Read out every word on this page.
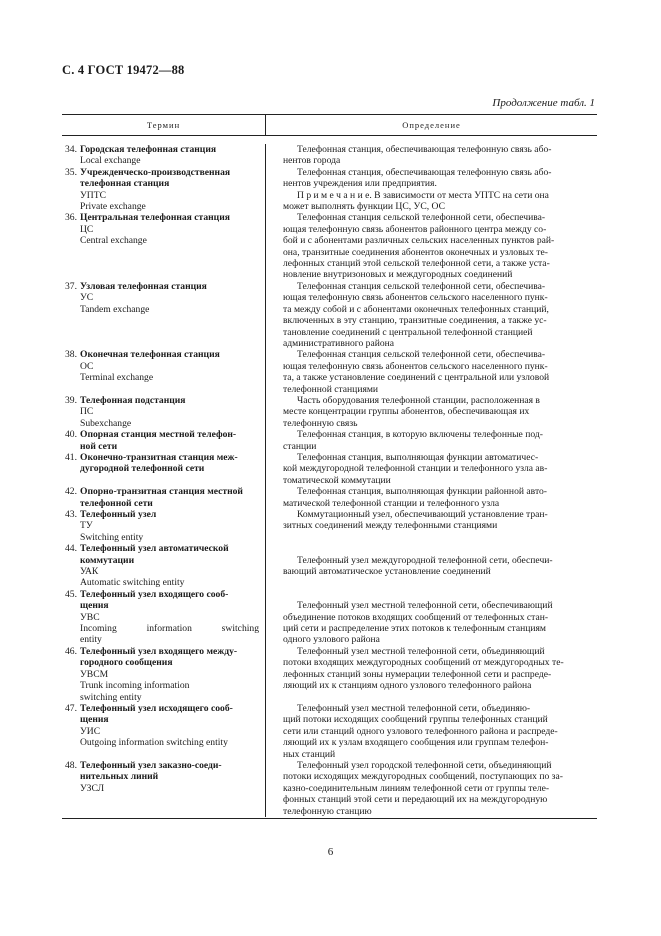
С. 4 ГОСТ 19472—88
Продолжение табл. 1
Термин	Определение
34. Городская телефонная станция
Local exchange
Телефонная станция, обеспечивающая телефонную связь або-
нентов города
35. Учрежденческо-производственная
телефонная станция
УПТС
Private exchange
Телефонная станция, обеспечивающая телефонную связь або-
нентов учреждения или предприятия.
П р и м е ч а н и е. В зависимости от места УПТС на сети она
может выполнять функции ЦС, УС, ОС
36. Центральная телефонная станция
ЦС
Central exchange
Телефонная станция сельской телефонной сети, обеспечива-
ющая телефонную связь абонентов районного центра между со-
бой и с абонентами различных сельских населенных пунктов рай-
она, транзитные соединения абонентов оконечных и узловых те-
лефонных станций этой сельской телефонной сети, а также уста-
новление внутризоновых и междугородных соединений
37. Узловая телефонная станция
УС
Tandem exchange
Телефонная станция сельской телефонной сети, обеспечива-
ющая телефонную связь абонентов сельского населенного пунк-
та между собой и с абонентами оконечных телефонных станций,
включенных в эту станцию, транзитные соединения, а также ус-
тановление соединений с центральной телефонной станцией
административного района
38. Оконечная телефонная станция
ОС
Terminal exchange
Телефонная станция сельской телефонной сети, обеспечива-
ющая телефонную связь абонентов сельского населенного пунк-
та, а также установление соединений с центральной или узловой
телефонной станциями
39. Телефонная подстанция
ПС
Subexchange
Часть оборудования телефонной станции, расположенная в
месте концентрации группы абонентов, обеспечивающая их
телефонную связь
40. Опорная станция местной телефон-
ной сети
Телефонная станция, в которую включены телефонные под-
станции
41. Оконечно-транзитная станция меж-
дугородной телефонной сети
Телефонная станция, выполняющая функции автоматичес-
кой междугородной телефонной станции и телефонного узла ав-
томатической коммутации
42. Опорно-транзитная станция местной
телефонной сети
Телефонная станция, выполняющая функции районной авто-
матической телефонной станции и телефонного узла
43. Телефонный узел
ТУ
Switching entity
Коммутационный узел, обеспечивающий установление тран-
зитных соединений между телефонными станциями
44. Телефонный узел автоматической
коммутации
УАК
Automatic switching entity

Телефонный узел междугородной телефонной сети, обеспечи-
вающий автоматическое установление соединений
45. Телефонный узел входящего сооб-
щения
УВС
Incoming information switching
entity

Телефонный узел местной телефонной сети, обеспечивающий
объединение потоков входящих сообщений от телефонных стан-
ций сети и распределение этих потоков к телефонным станциям
одного узлового района
46. Телефонный узел входящего между-
городного сообщения
УВСМ
Trunk incoming information
switching entity
Телефонный узел местной телефонной сети, объединяющий
потоки входящих междугородных сообщений от междугородных те-
лефонных станций зоны нумерации телефонной сети и распреде-
ляющий их к станциям одного узлового телефонного района
47. Телефонный узел исходящего сооб-
щения
УИС
Outgoing information switching entity
Телефонный узел местной телефонной сети, объединяю-
щий потоки исходящих сообщений группы телефонных станций
сети или станций одного узлового телефонного района и распреде-
ляющий их к узлам входящего сообщения или группам телефон-
ных станций
48. Телефонный узел заказно-соеди-
нительных линий
УЗСЛ
Телефонный узел городской телефонной сети, объединяющий
потоки исходящих междугородных сообщений, поступающих по за-
казно-соединительным линиям телефонной сети от группы теле-
фонных станций этой сети и передающий их на междугородную
телефонную станцию
6
